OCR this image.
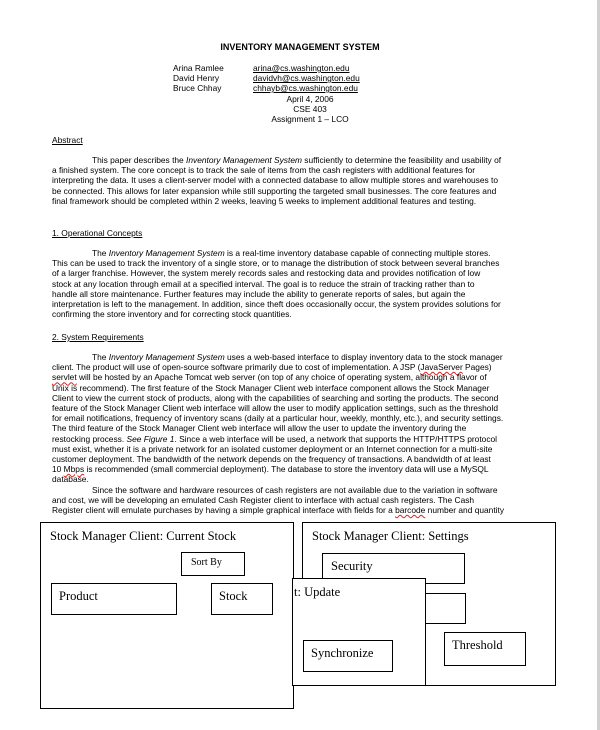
INVENTORY MANAGEMENT SYSTEM
Arina Ramlee	arina@cs.washington.edu
David Henry	davidvh@cs.washington.edu
Bruce Chhay	chhayb@cs.washington.edu
April 4, 2006
CSE 403
Assignment 1 – LCO
Abstract

This paper describes the Inventory Management System sufficiently to determine the feasibility and usability of

a finished system. The core concept is to track the sale of items from the cash registers with additional features for

interpreting the data. It uses a client-server model with a connected database to allow multiple stores and warehouses to

be connected. This allows for later expansion while still supporting the targeted small businesses. The core features and

final framework should be completed within 2 weeks, leaving 5 weeks to implement additional features and testing.

1. Operational Concepts

The Inventory Management System is a real-time inventory database capable of connecting multiple stores.

This can be used to track the inventory of a single store, or to manage the distribution of stock between several branches

of a larger franchise. However, the system merely records sales and restocking data and provides notification of low

stock at any location through email at a specified interval. The goal is to reduce the strain of tracking rather than to

handle all store maintenance. Further features may include the ability to generate reports of sales, but again the

interpretation is left to the management. In addition, since theft does occasionally occur, the system provides solutions for

confirming the store inventory and for correcting stock quantities.

2. System Requirements

The Inventory Management System uses a web-based interface to display inventory data to the stock manager

client. The product will use of open-source software primarily due to cost of implementation. A JSP (JavaServer Pages)

servlet will be hosted by an Apache Tomcat web server (on top of any choice of operating system, although a flavor of

Unix is recommend). The first feature of the Stock Manager Client web interface component allows the Stock Manager

Client to view the current stock of products, along with the capabilities of searching and sorting the products. The second

feature of the Stock Manager Client web interface will allow the user to modify application settings, such as the threshold

for email notifications, frequency of inventory scans (daily at a particular hour, weekly, monthly, etc.), and security settings.

The third feature of the Stock Manager Client web interface will allow the user to update the inventory during the

restocking process. See Figure 1. Since a web interface will be used, a network that supports the HTTP/HTTPS protocol

must exist, whether it is a private network for an isolated customer deployment or an Internet connection for a multi-site

customer deployment. The bandwidth of the network depends on the frequency of transactions. A bandwidth of at least

10 Mbps is recommended (small commercial deployment). The database to store the inventory data will use a MySQL

database.

Since the software and hardware resources of cash registers are not available due to the variation in software

and cost, we will be developing an emulated Cash Register client to interface with actual cash registers. The Cash

Register client will emulate purchases by having a simple graphical interface with fields for a barcode number and quantity

Stock Manager Client: Current Stock
Sort By
Product	Stock
Stock Manager Client: Settings
Security
Threshold
t: Update
Synchronize
